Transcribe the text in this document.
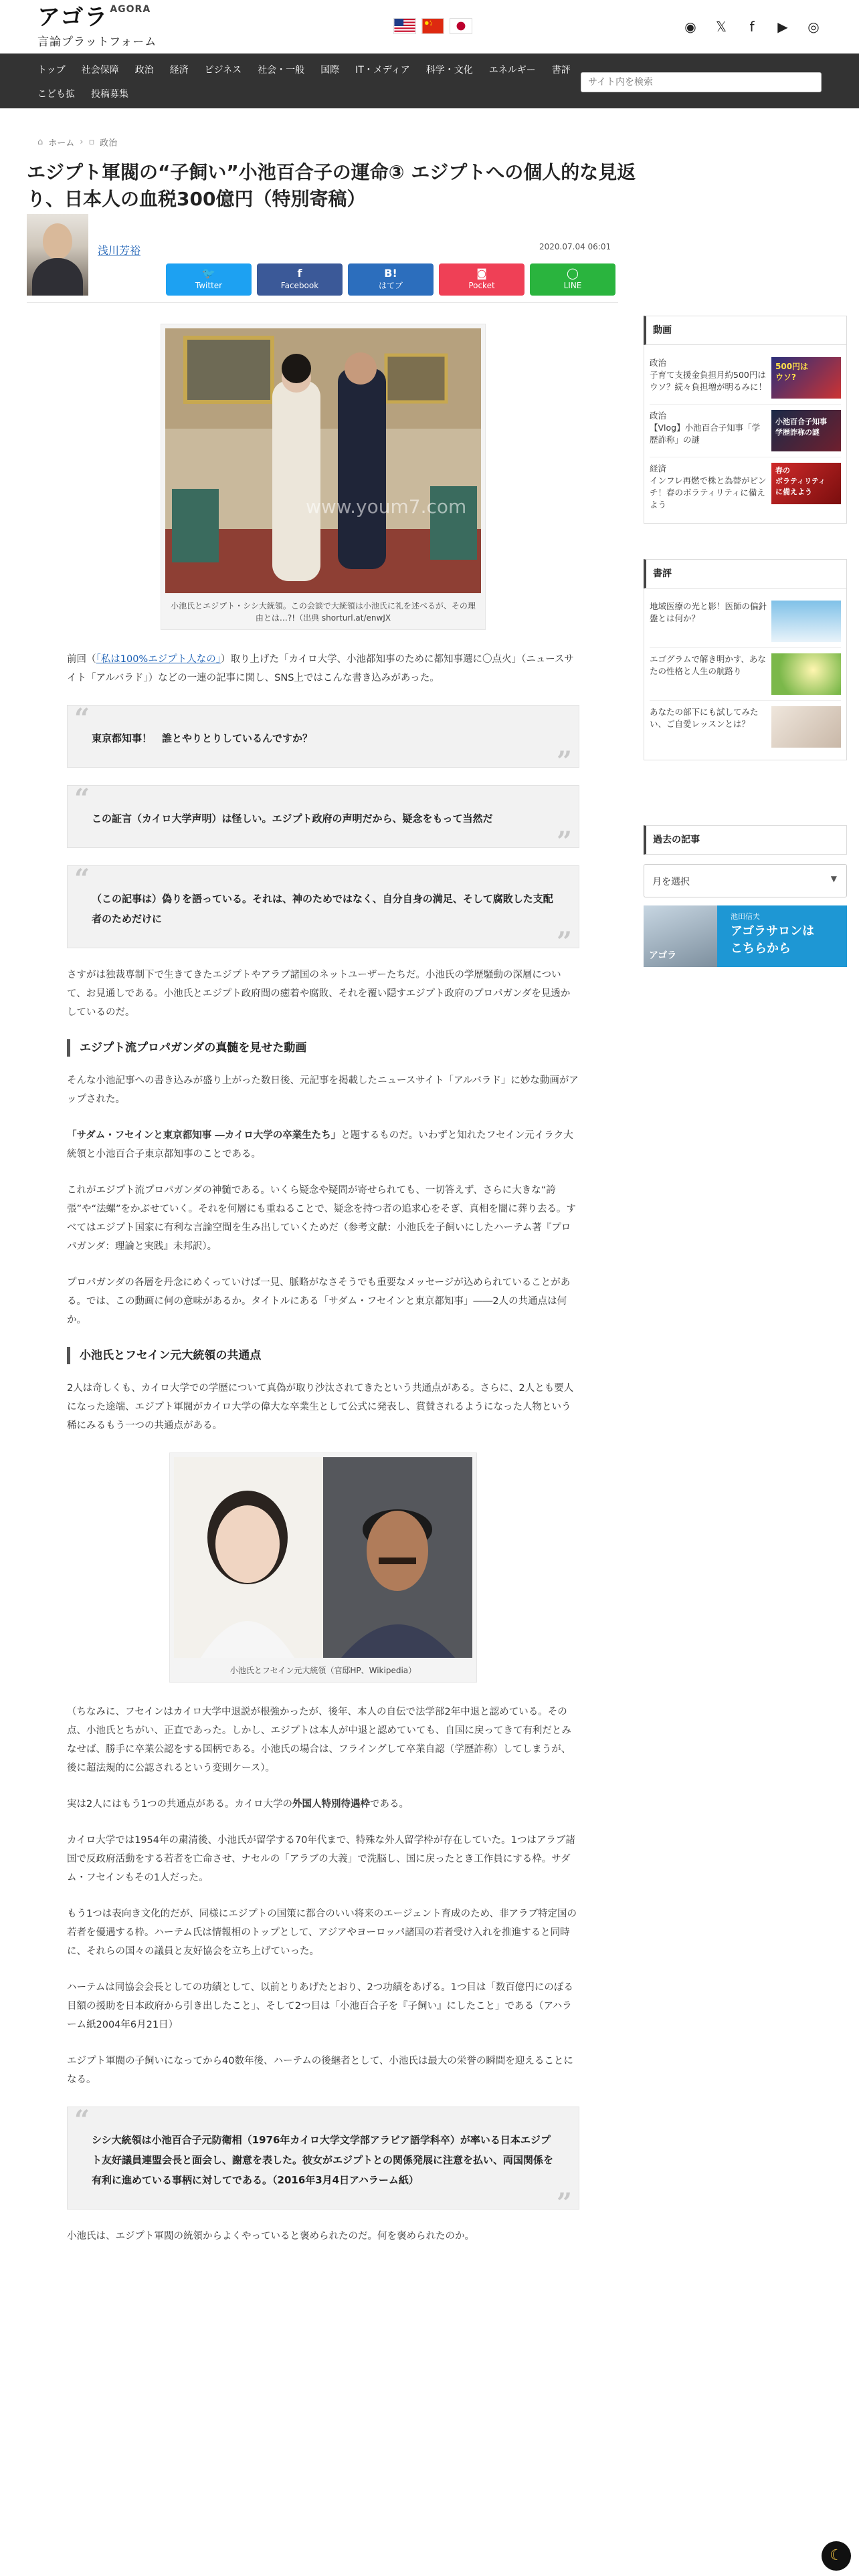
アゴラ AGORA
言論プラットフォーム
◉ 𝕏	f	▶ ◎
トップ	社会保障	政治	経済	ビジネス	社会・一般	国際	IT・メディア	科学・文化	エネルギー	書評
こども拡	投稿募集
サイト内を検索
⌂ ホーム › ▫ 政治
エジプト軍閥の“子飼い”小池百合子の運命③ エジプトへの個人的な見返り、日本人の血税300億円（特別寄稿）
浅川芳裕	2020.07.04 06:01
🐦
Twitter
f
Facebook
B!
はてブ
◙
Pocket
◯
LINE
www.youm7.com
小池氏とエジプト・シシ大統領。この会談で大統領は小池氏に礼を述べるが、その理由とは…?!（出典 shorturl.at/enwJX

前回（「私は100%エジプト人なの」）取り上げた「カイロ大学、小池都知事のために都知事選に〇点火」（ニュースサイト「アルバラド」）などの一連の記事に関し、SNS上ではこんな書き込みがあった。

“
東京都知事！　誰とやりとりしているんですか？
”
“
この証言（カイロ大学声明）は怪しい。エジプト政府の声明だから、疑念をもって当然だ
”
“
（この記事は）偽りを語っている。それは、神のためではなく、自分自身の満足、そして腐敗した支配者のためだけに
”

さすがは独裁専制下で生きてきたエジプトやアラブ諸国のネットユーザーたちだ。小池氏の学歴騒動の深層について、お見通しである。小池氏とエジプト政府間の癒着や腐敗、それを覆い隠すエジプト政府のプロパガンダを見透かしているのだ。

エジプト流プロパガンダの真髄を見せた動画

そんな小池記事への書き込みが盛り上がった数日後、元記事を掲載したニュースサイト「アルバラド」に妙な動画がアップされた。

「サダム・フセインと東京都知事 ―カイロ大学の卒業生たち」と題するものだ。いわずと知れたフセイン元イラク大統領と小池百合子東京都知事のことである。

これがエジプト流プロパガンダの神髄である。いくら疑念や疑問が寄せられても、一切答えず、さらに大きな“誇張”や“法螺”をかぶせていく。それを何層にも重ねることで、疑念を持つ者の追求心をそぎ、真相を闇に葬り去る。すべてはエジプト国家に有利な言論空間を生み出していくためだ（参考文献：小池氏を子飼いにしたハーテム著『プロパガンダ：理論と実践』未邦訳）。

プロパガンダの各層を丹念にめくっていけば一見、脈略がなさそうでも重要なメッセージが込められていることがある。では、この動画に何の意味があるか。タイトルにある「サダム・フセインと東京都知事」――2人の共通点は何か。

小池氏とフセイン元大統領の共通点

2人は奇しくも、カイロ大学での学歴について真偽が取り沙汰されてきたという共通点がある。さらに、2人とも要人になった途端、エジプト軍閥がカイロ大学の偉大な卒業生として公式に発表し、賞賛されるようになった人物という稀にみるもう一つの共通点がある。

小池氏とフセイン元大統領（官邸HP、Wikipedia）

（ちなみに、フセインはカイロ大学中退説が根強かったが、後年、本人の自伝で法学部2年中退と認めている。その点、小池氏とちがい、正直であった。しかし、エジプトは本人が中退と認めていても、自国に戻ってきて有利だとみなせば、勝手に卒業公認をする国柄である。小池氏の場合は、フライングして卒業自認（学歴詐称）してしまうが、後に超法規的に公認されるという変則ケース）。

実は2人にはもう1つの共通点がある。カイロ大学の外国人特別待遇枠である。

カイロ大学では1954年の粛清後、小池氏が留学する70年代まで、特殊な外人留学枠が存在していた。1つはアラブ諸国で反政府活動をする若者を亡命させ、ナセルの「アラブの大義」で洗脳し、国に戻ったとき工作員にする枠。サダム・フセインもその1人だった。

もう1つは表向き文化的だが、同様にエジプトの国策に都合のいい将来のエージェント育成のため、非アラブ特定国の若者を優遇する枠。ハーテム氏は情報相のトップとして、アジアやヨーロッパ諸国の若者受け入れを推進すると同時に、それらの国々の議員と友好協会を立ち上げていった。

ハーテムは同協会会長としての功績として、以前とりあげたとおり、2つ功績をあげる。1つ目は「数百億円にのぼる目額の援助を日本政府から引き出したこと」、そして2つ目は「小池百合子を『子飼い』にしたこと」である（アハラーム紙2004年6月21日）

エジプト軍閥の子飼いになってから40数年後、ハーテムの後継者として、小池氏は最大の栄誉の瞬間を迎えることになる。

“
シシ大統領は小池百合子元防衛相（1976年カイロ大学文学部アラビア語学科卒）が率いる日本エジプト友好議員連盟会長と面会し、謝意を表した。彼女がエジプトとの関係発展に注意を払い、両国関係を有利に進めている事柄に対してである。（2016年3月4日アハラーム紙）
”

小池氏は、エジプト軍閥の統領からよくやっていると褒められたのだ。何を褒められたのか。

動画
政治
子育て支援金負担月約500円はウソ？続々負担増が明るみに！
500円は
ウソ?
政治
【Vlog】小池百合子知事「学歴詐称」の謎
小池百合子知事
学歴詐称の謎
経済
インフレ再燃で株と為替がピンチ！春のボラティリティに備えよう
春の
ボラティリティ
に備えよう
書評
地域医療の光と影！医師の偏針盤とは何か？
エゴグラムで解き明かす、あなたの性格と人生の航路り
あなたの部下にも試してみたい、ご自愛レッスンとは？
過去の記事
月を選択	▼
アゴラ
池田信夫
アゴラサロンは
こちらから
☾
